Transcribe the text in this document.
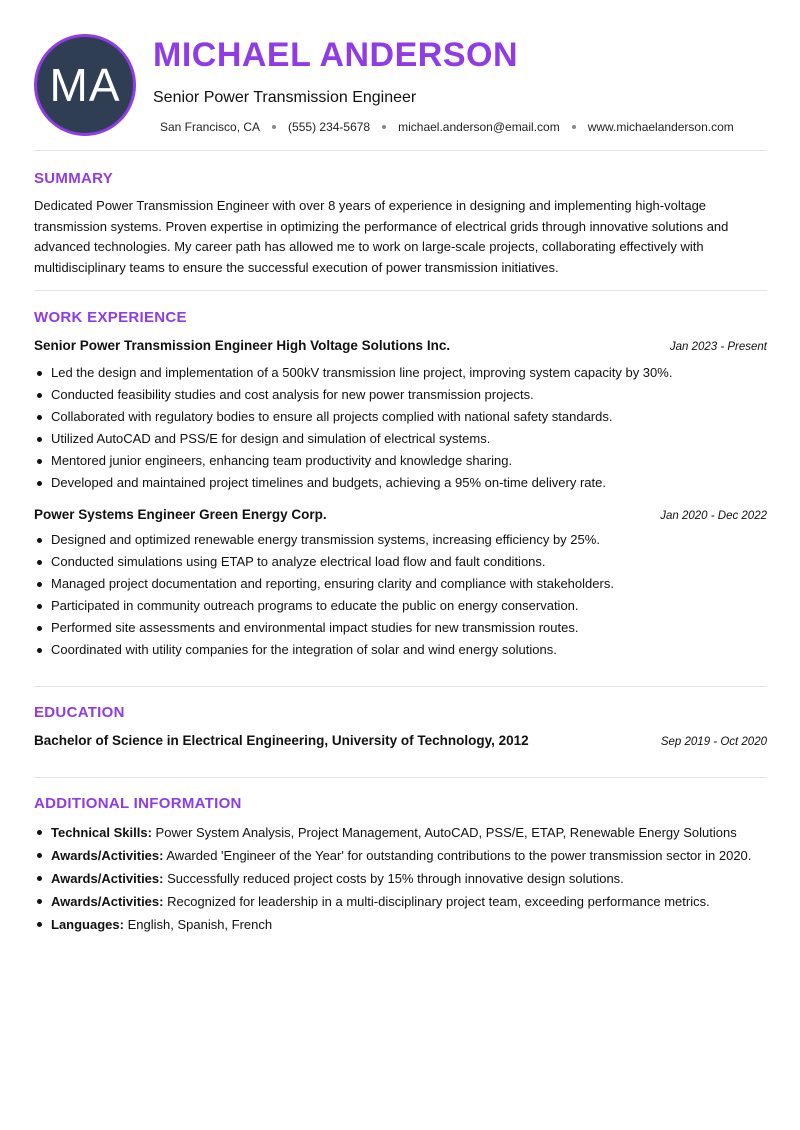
MA
MICHAEL ANDERSON
Senior Power Transmission Engineer
San Francisco, CA (555) 234-5678 michael.anderson@email.com www.michaelanderson.com
SUMMARY

Dedicated Power Transmission Engineer with over 8 years of experience in designing and implementing high-voltage transmission systems. Proven expertise in optimizing the performance of electrical grids through innovative solutions and advanced technologies. My career path has allowed me to work on large-scale projects, collaborating effectively with multidisciplinary teams to ensure the successful execution of power transmission initiatives.

WORK EXPERIENCE
Senior Power Transmission Engineer High Voltage Solutions Inc.	Jan 2023 - Present
Led the design and implementation of a 500kV transmission line project, improving system capacity by 30%.
Conducted feasibility studies and cost analysis for new power transmission projects.
Collaborated with regulatory bodies to ensure all projects complied with national safety standards.
Utilized AutoCAD and PSS/E for design and simulation of electrical systems.
Mentored junior engineers, enhancing team productivity and knowledge sharing.
Developed and maintained project timelines and budgets, achieving a 95% on-time delivery rate.
Power Systems Engineer Green Energy Corp.	Jan 2020 - Dec 2022
Designed and optimized renewable energy transmission systems, increasing efficiency by 25%.
Conducted simulations using ETAP to analyze electrical load flow and fault conditions.
Managed project documentation and reporting, ensuring clarity and compliance with stakeholders.
Participated in community outreach programs to educate the public on energy conservation.
Performed site assessments and environmental impact studies for new transmission routes.
Coordinated with utility companies for the integration of solar and wind energy solutions.
EDUCATION
Bachelor of Science in Electrical Engineering, University of Technology, 2012	Sep 2019 - Oct 2020
ADDITIONAL INFORMATION
Technical Skills: Power System Analysis, Project Management, AutoCAD, PSS/E, ETAP, Renewable Energy Solutions
Awards/Activities: Awarded 'Engineer of the Year' for outstanding contributions to the power transmission sector in 2020.
Awards/Activities: Successfully reduced project costs by 15% through innovative design solutions.
Awards/Activities: Recognized for leadership in a multi-disciplinary project team, exceeding performance metrics.
Languages: English, Spanish, French
